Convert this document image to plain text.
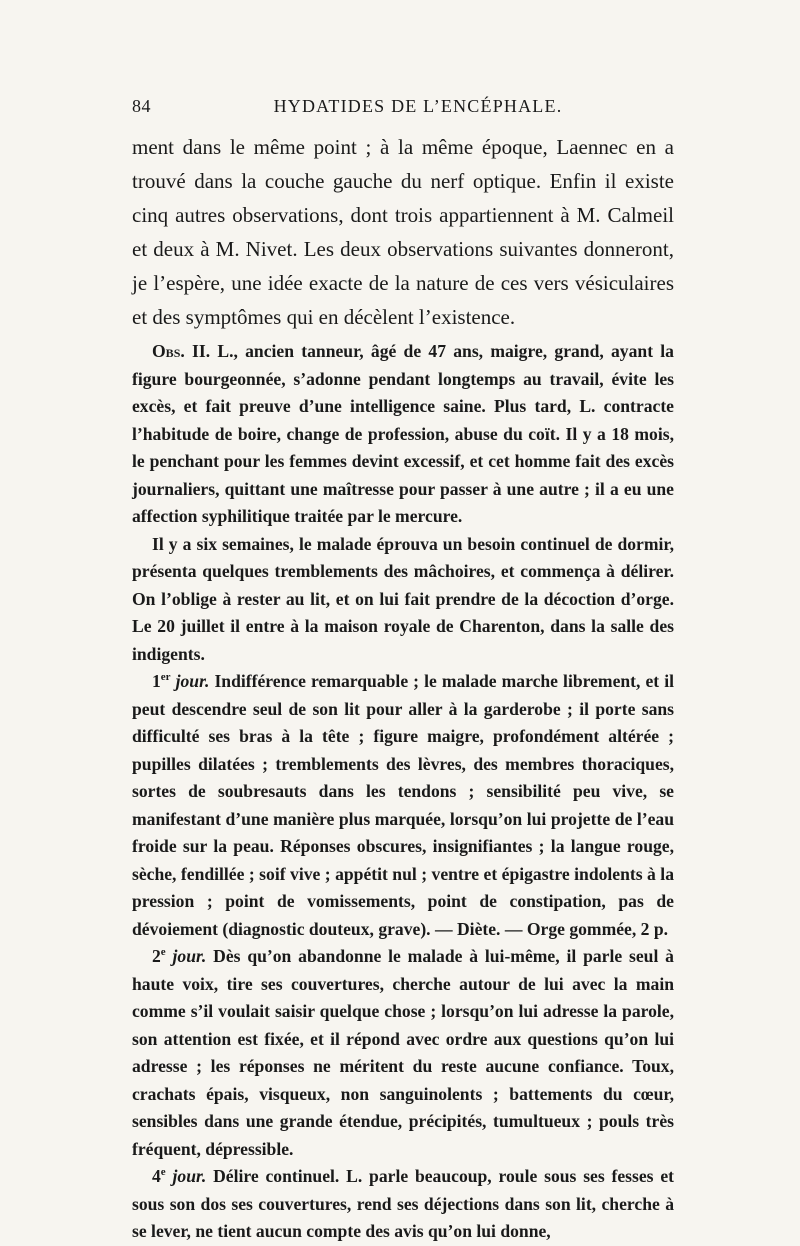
84	HYDATIDES DE L’ENCÉPHALE.

ment dans le même point ; à la même époque, Laennec en a trouvé dans la couche gauche du nerf optique. Enfin il existe cinq autres observations, dont trois appartiennent à M. Calmeil et deux à M. Nivet. Les deux observations suivantes donneront, je l’espère, une idée exacte de la nature de ces vers vésiculaires et des symptômes qui en décèlent l’existence.

Obs. II. L., ancien tanneur, âgé de 47 ans, maigre, grand, ayant la figure bourgeonnée, s’adonne pendant longtemps au travail, évite les excès, et fait preuve d’une intelligence saine. Plus tard, L. contracte l’habitude de boire, change de profession, abuse du coït. Il y a 18 mois, le penchant pour les femmes devint excessif, et cet homme fait des excès journaliers, quittant une maîtresse pour passer à une autre ; il a eu une affection syphilitique traitée par le mercure.

Il y a six semaines, le malade éprouva un besoin continuel de dormir, présenta quelques tremblements des mâchoires, et commença à délirer. On l’oblige à rester au lit, et on lui fait prendre de la décoction d’orge. Le 20 juillet il entre à la maison royale de Charenton, dans la salle des indigents.

1er jour. Indifférence remarquable ; le malade marche librement, et il peut descendre seul de son lit pour aller à la garderobe ; il porte sans difficulté ses bras à la tête ; figure maigre, profondément altérée ; pupilles dilatées ; tremblements des lèvres, des membres thoraciques, sortes de soubresauts dans les tendons ; sensibilité peu vive, se manifestant d’une manière plus marquée, lorsqu’on lui projette de l’eau froide sur la peau. Réponses obscures, insignifiantes ; la langue rouge, sèche, fendillée ; soif vive ; appétit nul ; ventre et épigastre indolents à la pression ; point de vomissements, point de constipation, pas de dévoiement (diagnostic douteux, grave). — Diète. — Orge gommée, 2 p.

2e jour. Dès qu’on abandonne le malade à lui-même, il parle seul à haute voix, tire ses couvertures, cherche autour de lui avec la main comme s’il voulait saisir quelque chose ; lorsqu’on lui adresse la parole, son attention est fixée, et il répond avec ordre aux questions qu’on lui adresse ; les réponses ne méritent du reste aucune confiance. Toux, crachats épais, visqueux, non sanguinolents ; battements du cœur, sensibles dans une grande étendue, précipités, tumultueux ; pouls très fréquent, dépressible.

4e jour. Délire continuel. L. parle beaucoup, roule sous ses fesses et sous son dos ses couvertures, rend ses déjections dans son lit, cherche à se lever, ne tient aucun compte des avis qu’on lui donne,
